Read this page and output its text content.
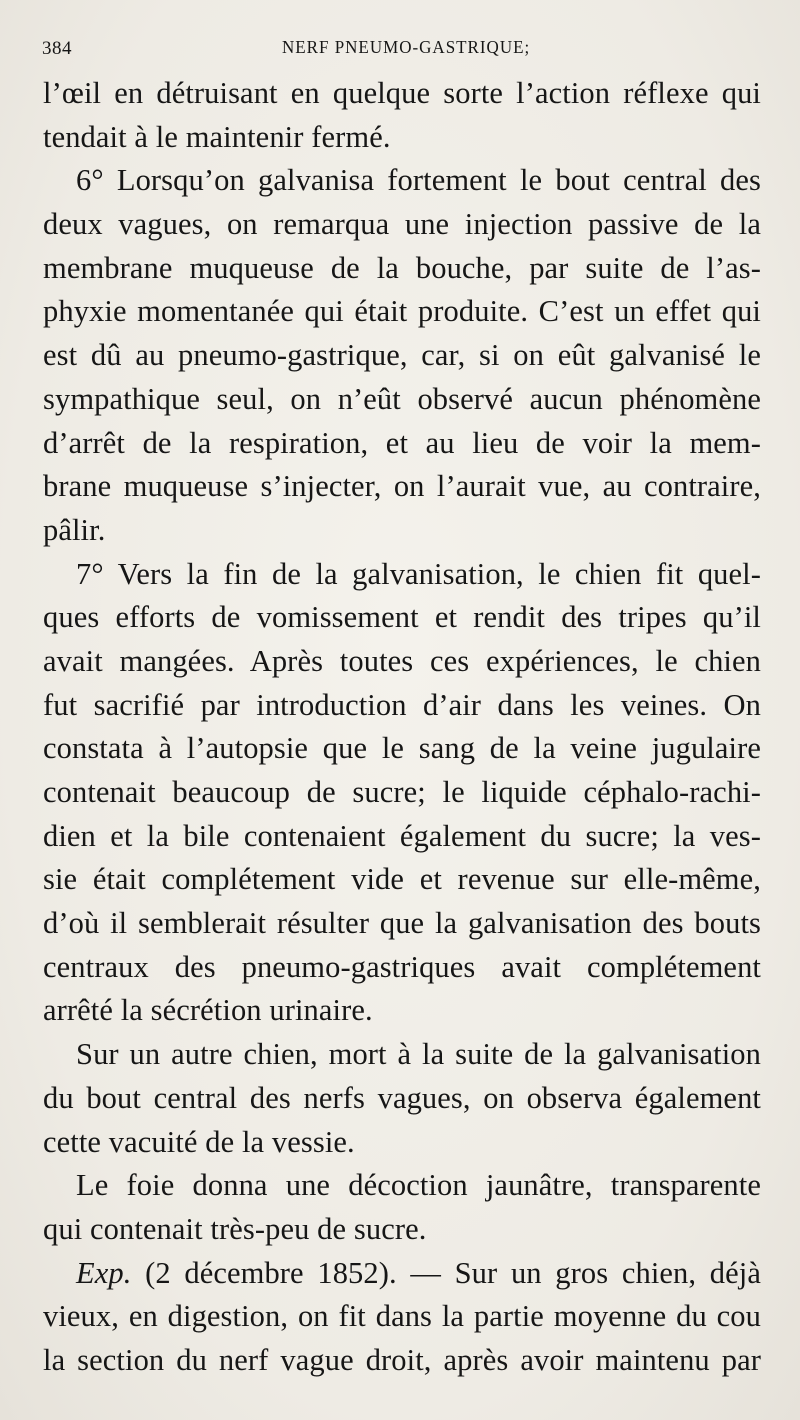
384	NERF PNEUMO-GASTRIQUE;
l’œil en détruisant en quelque sorte l’action réflexe qui
tendait à le maintenir fermé.
6° Lorsqu’on galvanisa fortement le bout central des
deux vagues, on remarqua une injection passive de la
membrane muqueuse de la bouche, par suite de l’as-
phyxie momentanée qui était produite. C’est un effet qui
est dû au pneumo-gastrique, car, si on eût galvanisé le
sympathique seul, on n’eût observé aucun phénomène
d’arrêt de la respiration, et au lieu de voir la mem-
brane muqueuse s’injecter, on l’aurait vue, au contraire,
pâlir.
7° Vers la fin de la galvanisation, le chien fit quel-
ques efforts de vomissement et rendit des tripes qu’il
avait mangées. Après toutes ces expériences, le chien
fut sacrifié par introduction d’air dans les veines. On
constata à l’autopsie que le sang de la veine jugulaire
contenait beaucoup de sucre; le liquide céphalo-rachi-
dien et la bile contenaient également du sucre; la ves-
sie était complétement vide et revenue sur elle-même,
d’où il semblerait résulter que la galvanisation des bouts
centraux des pneumo-gastriques avait complétement
arrêté la sécrétion urinaire.
Sur un autre chien, mort à la suite de la galvanisation
du bout central des nerfs vagues, on observa également
cette vacuité de la vessie.
Le foie donna une décoction jaunâtre, transparente
qui contenait très-peu de sucre.
Exp. (2 décembre 1852). — Sur un gros chien, déjà
vieux, en digestion, on fit dans la partie moyenne du cou
la section du nerf vague droit, après avoir maintenu par
